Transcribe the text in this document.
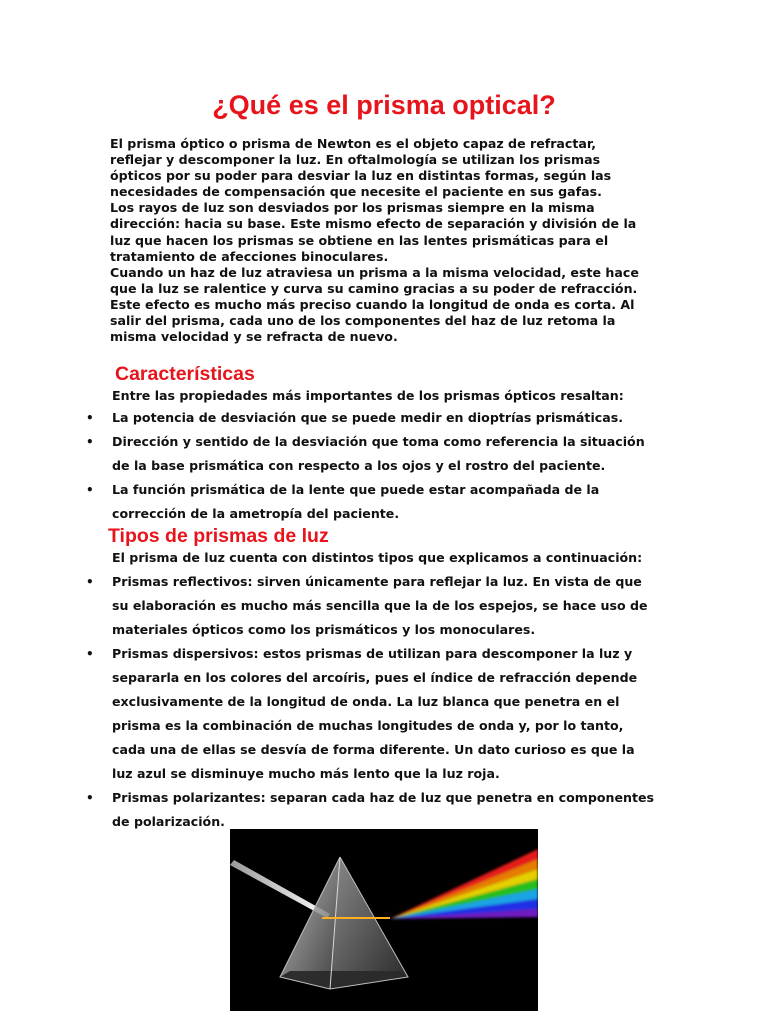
¿Qué es el prisma optical?

El prisma óptico o prisma de Newton es el objeto capaz de refractar, reflejar y descomponer la luz. En oftalmología se utilizan los prismas ópticos por su poder para desviar la luz en distintas formas, según las necesidades de compensación que necesite el paciente en sus gafas.

Los rayos de luz son desviados por los prismas siempre en la misma dirección: hacia su base. Este mismo efecto de separación y división de la luz que hacen los prismas se obtiene en las lentes prismáticas para el tratamiento de afecciones binoculares.

Cuando un haz de luz atraviesa un prisma a la misma velocidad, este hace que la luz se ralentice y curva su camino gracias a su poder de refracción. Este efecto es mucho más preciso cuando la longitud de onda es corta. Al salir del prisma, cada uno de los componentes del haz de luz retoma la misma velocidad y se refracta de nuevo.

Características

Entre las propiedades más importantes de los prismas ópticos resaltan:

• La potencia de desviación que se puede medir en dioptrías prismáticas.
• Dirección y sentido de la desviación que toma como referencia la situación de la base prismática con respecto a los ojos y el rostro del paciente.
• La función prismática de la lente que puede estar acompañada de la corrección de la ametropía del paciente.
Tipos de prismas de luz

El prisma de luz cuenta con distintos tipos que explicamos a continuación:

• Prismas reflectivos: sirven únicamente para reflejar la luz. En vista de que su elaboración es mucho más sencilla que la de los espejos, se hace uso de materiales ópticos como los prismáticos y los monoculares.
• Prismas dispersivos: estos prismas de utilizan para descomponer la luz y separarla en los colores del arcoíris, pues el índice de refracción depende exclusivamente de la longitud de onda. La luz blanca que penetra en el prisma es la combinación de muchas longitudes de onda y, por lo tanto, cada una de ellas se desvía de forma diferente. Un dato curioso es que la luz azul se disminuye mucho más lento que la luz roja.
• Prismas polarizantes: separan cada haz de luz que penetra en componentes de polarización.
